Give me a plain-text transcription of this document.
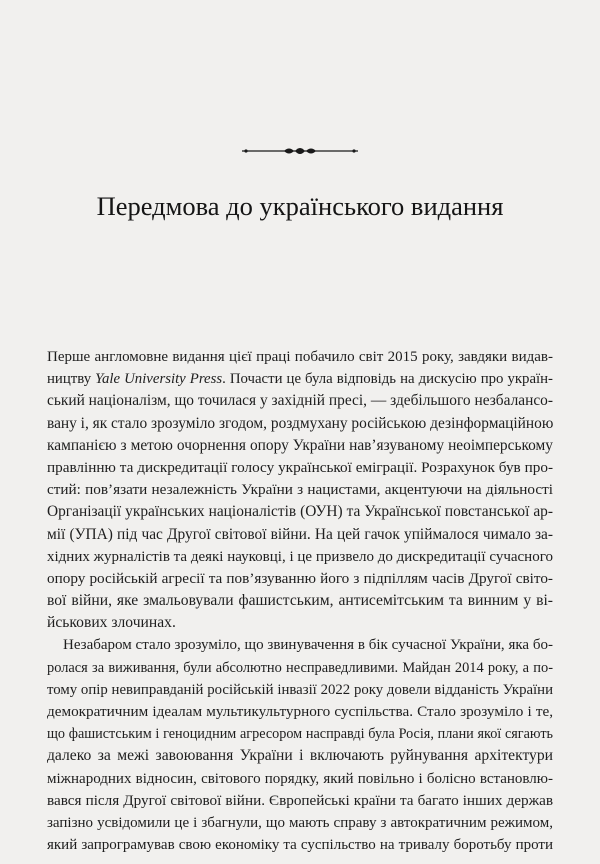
Передмова до українського видання
Перше англомовне видання цієї праці побачило світ 2015 року, завдяки видав-
ництву Yale University Press. Почасти це була відповідь на дискусію про україн-
ський націоналізм, що точилася у західній пресі, — здебільшого незбалансо-
вану і, як стало зрозуміло згодом, роздмухану російською дезінформаційною
кампанією з метою очорнення опору України нав’язуваному неоімперському
правлінню та дискредитації голосу української еміграції. Розрахунок був про-
стий: пов’язати незалежність України з нацистами, акцентуючи на діяльності
Організації українських націоналістів (ОУН) та Української повстанської ар-
мії (УПА) під час Другої світової війни. На цей гачок упіймалося чимало за-
хідних журналістів та деякі науковці, і це призвело до дискредитації сучасного
опору російській агресії та пов’язуванню його з підпіллям часів Другої світо-
вої війни, яке змальовували фашистським, антисемітським та винним у ві-
йськових злочинах.
Незабаром стало зрозуміло, що звинувачення в бік сучасної України, яка бо-
ролася за виживання, були абсолютно несправедливими. Майдан 2014 року, а по-
тому опір невиправданій російській інвазії 2022 року довели відданість України
демократичним ідеалам мультикультурного суспільства. Стало зрозуміло і те,
що фашистським і геноцидним агресором насправді була Росія, плани якої сягають
далеко за межі завоювання України і включають руйнування архітектури
міжнародних відносин, світового порядку, який повільно і болісно встановлю-
вався після Другої світової війни. Європейські країни та багато інших держав
запізно усвідомили це і збагнули, що мають справу з автократичним режимом,
який запрограмував свою економіку та суспільство на тривалу боротьбу проти
